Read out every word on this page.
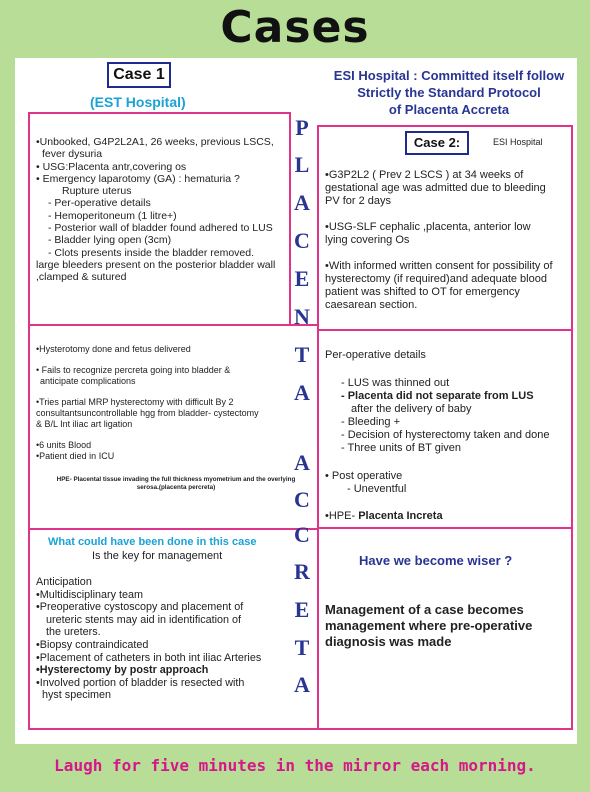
Cases
Case 1
(EST Hospital)
ESI Hospital : Committed itself follow
Strictly the Standard Protocol
of Placenta Accreta

•Unbooked, G4P2L2A1, 26 weeks, previous LSCS,

fever dysuria

• USG:Placenta antr,covering os

• Emergency laparotomy (GA) : hematuria ?

Rupture uterus

- Per-operative details

- Hemoperitoneum (1 litre+)

- Posterior wall of bladder found adhered to LUS

- Bladder lying open (3cm)

- Clots presents inside the bladder removed.

large bleeders present on the posterior bladder wall

,clamped & sutured

•Hysterotomy done and fetus delivered
• Fails to recognize percreta going into bladder &
anticipate complications
•Tries partial MRP hysterectomy with difficult By 2
consultantsuncontrollable hgg from bladder- cystectomy
& B/L Int iliac art ligation
•6 units Blood
•Patient died in ICU
HPE- Placental tissue invading the full thickness myometrium and the overlying serosa.(placenta percreta)
What could have been done in this case
Is the key for management

Anticipation

•Multidisciplinary team

•Preoperative cystoscopy and placement of

ureteric stents may aid in identification of

the ureters.

•Biopsy contraindicated

•Placement of catheters in both int iliac Arteries

•Hysterectomy by postr approach

•Involved portion of bladder is resected with

hyst specimen

•G3P2L2 ( Prev 2 LSCS ) at 34 weeks of

gestational age was admitted due to bleeding

PV for 2 days

•USG-SLF cephalic ,placenta, anterior low

lying covering Os

•With informed written consent for possibility of

hysterectomy (if required)and adequate blood

patient was shifted to OT for emergency

caesarean section.

Case 2:	ESI Hospital
Per-operative details

- LUS was thinned out

- Placenta did not separate from LUS

after the delivery of baby

- Bleeding +

- Decision of hysterectomy taken and done

- Three units of BT given

• Post operative
- Uneventful
•HPE- Placenta Increta
Have we become wiser ?
Management of a case becomes
management where pre-operative
diagnosis was made
P
L
A
C
E
N
T
A
A
C
C
R
E
T
A
Laugh for five minutes in the mirror each morning.
